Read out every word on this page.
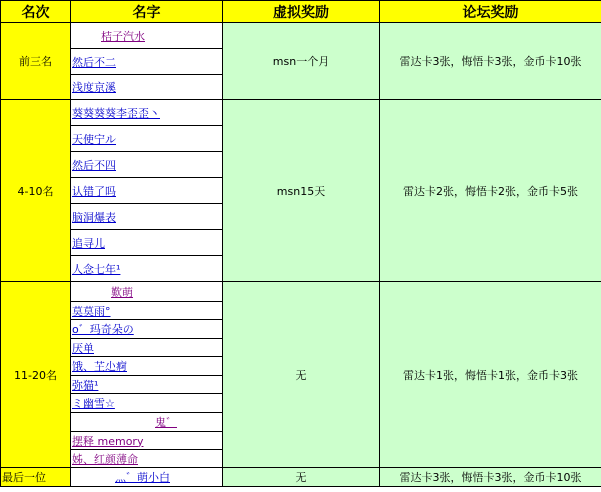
名次	名字	虚拟奖励	论坛奖励
前三名	桔子汽水	msn一个月	雷达卡3张，悔悟卡3张，金币卡10张
	然后不二		
	浅度京溪		
4-10名	葵葵葵葵李歪歪丶	msn15天	雷达卡2张，悔悟卡2张，金币卡5张
	天使宁ル		
	然后不四		
	认错了吗		
	脑洞爆表		
	追寻儿		
	人念七年¹		
11-20名	歎萌	无	雷达卡1张，悔悟卡1张，金币卡3张
	莫莫雨°		
	o゛玛奇朵の		
	厌单		
	饿、芏尐痾		
	弥猫¹		
	ミ幽雪☆		
	鬼゛		
	摆释 memory		
	姊、红颜薄命		
最后一位	灬゛萌小白	无	雷达卡3张，悔悟卡3张，金币卡10张
